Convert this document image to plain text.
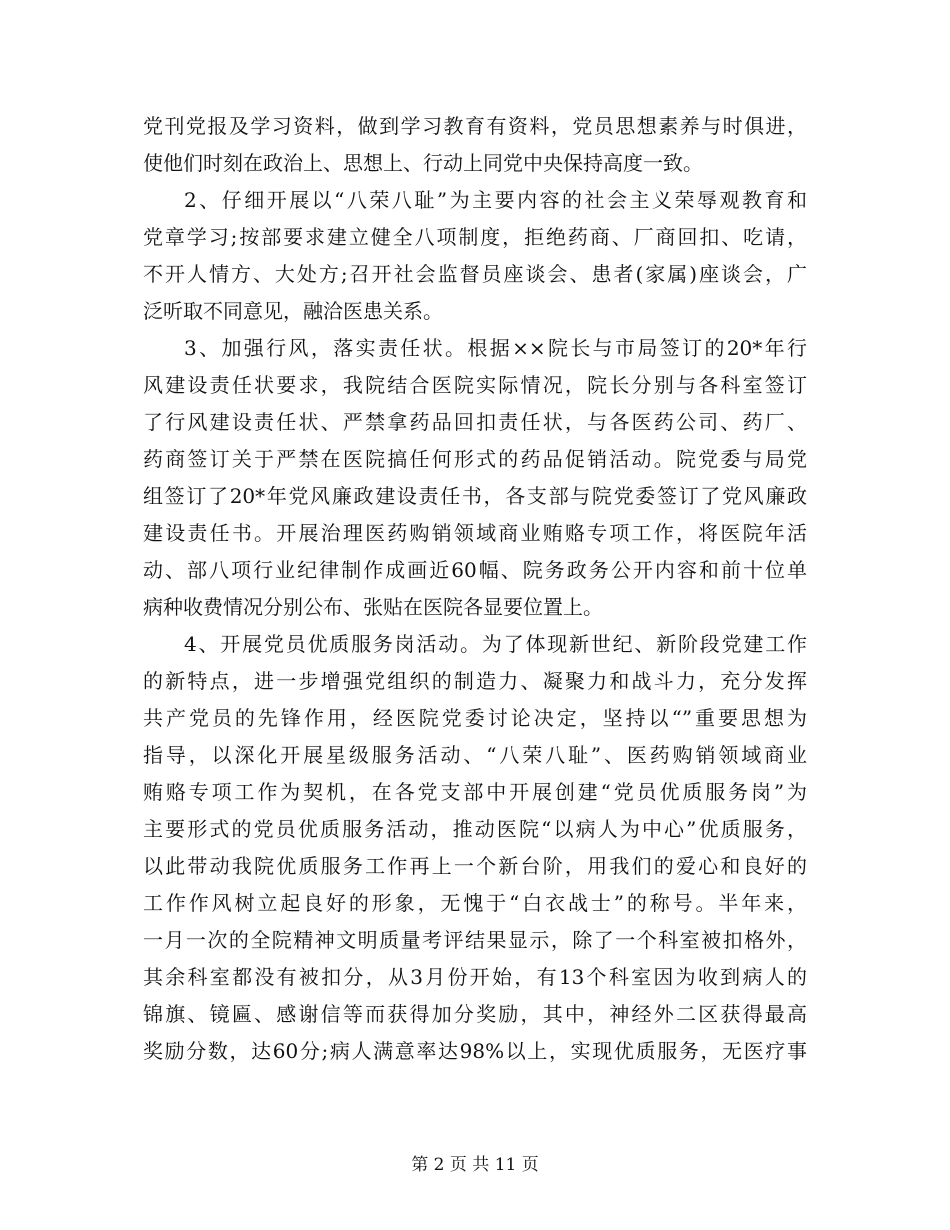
党刊党报及学习资料，做到学习教育有资料，党员思想素养与时俱进，
使他们时刻在政治上、思想上、行动上同党中央保持高度一致。
2、仔细开展以“八荣八耻”为主要内容的社会主义荣辱观教育和
党章学习;按部要求建立健全八项制度，拒绝药商、厂商回扣、吃请，
不开人情方、大处方;召开社会监督员座谈会、患者(家属)座谈会，广
泛听取不同意见，融洽医患关系。
3、加强行风，落实责任状。根据××院长与市局签订的20*年行
风建设责任状要求，我院结合医院实际情况，院长分别与各科室签订
了行风建设责任状、严禁拿药品回扣责任状，与各医药公司、药厂、
药商签订关于严禁在医院搞任何形式的药品促销活动。院党委与局党
组签订了20*年党风廉政建设责任书，各支部与院党委签订了党风廉政
建设责任书。开展治理医药购销领域商业贿赂专项工作，将医院年活
动、部八项行业纪律制作成画近60幅、院务政务公开内容和前十位单
病种收费情况分别公布、张贴在医院各显要位置上。
4、开展党员优质服务岗活动。为了体现新世纪、新阶段党建工作
的新特点，进一步增强党组织的制造力、凝聚力和战斗力，充分发挥
共产党员的先锋作用，经医院党委讨论决定，坚持以“”重要思想为
指导，以深化开展星级服务活动、“八荣八耻”、医药购销领域商业
贿赂专项工作为契机，在各党支部中开展创建“党员优质服务岗”为
主要形式的党员优质服务活动，推动医院“以病人为中心”优质服务，
以此带动我院优质服务工作再上一个新台阶，用我们的爱心和良好的
工作作风树立起良好的形象，无愧于“白衣战士”的称号。半年来，
一月一次的全院精神文明质量考评结果显示，除了一个科室被扣格外，
其余科室都没有被扣分，从3月份开始，有13个科室因为收到病人的
锦旗、镜匾、感谢信等而获得加分奖励，其中，神经外二区获得最高
奖励分数，达60分;病人满意率达98%以上，实现优质服务，无医疗事
第 2 页 共 11 页
